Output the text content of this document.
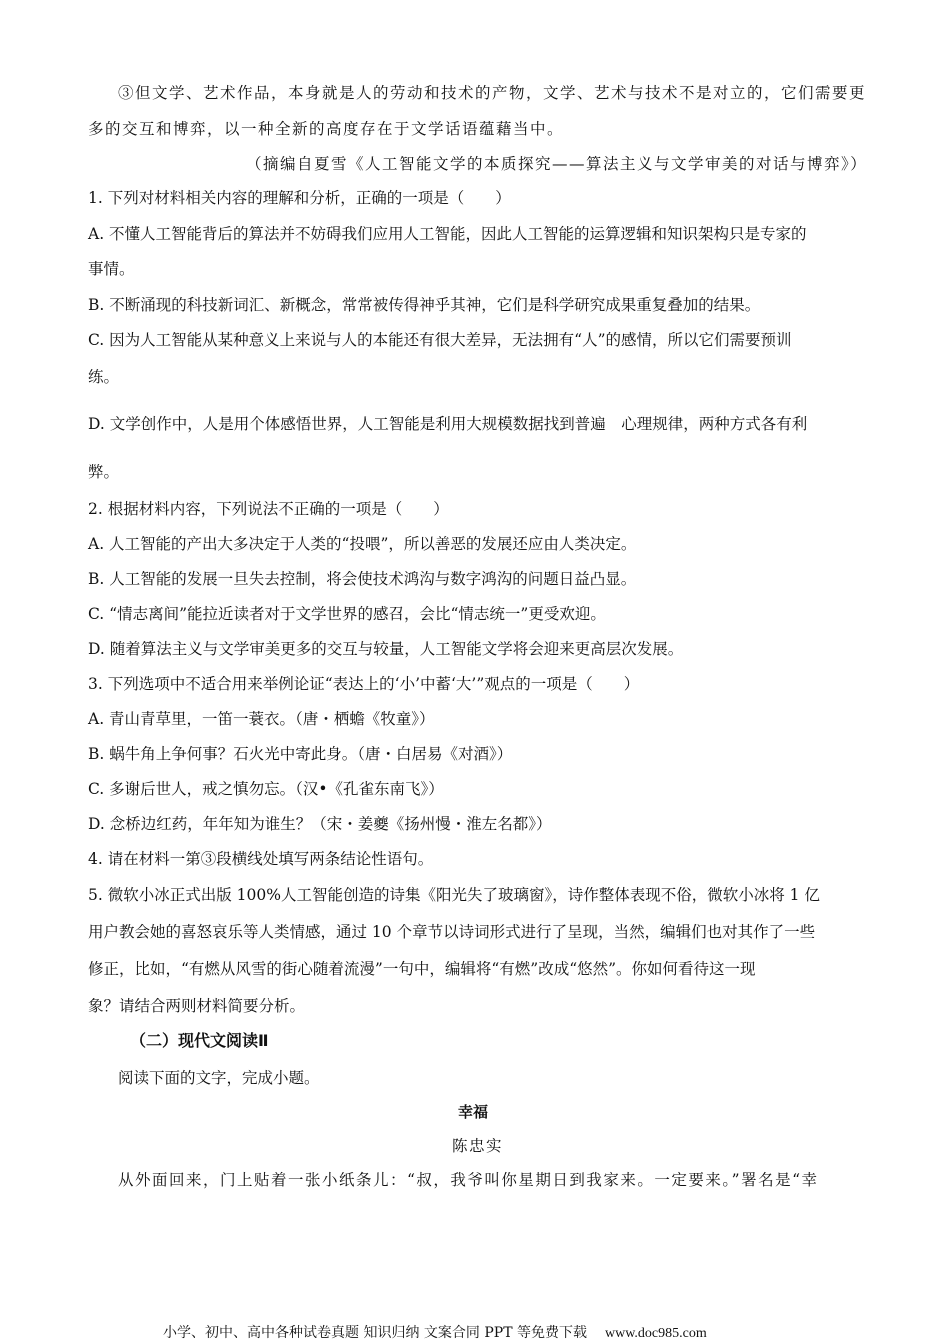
③但文学、艺术作品，本身就是人的劳动和技术的产物，文学、艺术与技术不是对立的，它们需要更
多的交互和博弈，以一种全新的高度存在于文学话语蕴藉当中。
（摘编自夏雪《人工智能文学的本质探究——算法主义与文学审美的对话与博弈》）
1. 下列对材料相关内容的理解和分析，正确的一项是（　　）
A. 不懂人工智能背后的算法并不妨碍我们应用人工智能，因此人工智能的运算逻辑和知识架构只是专家的
事情。
B. 不断涌现的科技新词汇、新概念，常常被传得神乎其神，它们是科学研究成果重复叠加的结果。
C. 因为人工智能从某种意义上来说与人的本能还有很大差异，无法拥有“人”的感情，所以它们需要预训
练。
D. 文学创作中，人是用个体感悟世界，人工智能是利用大规模数据找到普遍　心理规律，两种方式各有利
弊。
2. 根据材料内容，下列说法不正确的一项是（　　）
A. 人工智能的产出大多决定于人类的“投喂”，所以善恶的发展还应由人类决定。
B. 人工智能的发展一旦失去控制，将会使技术鸿沟与数字鸿沟的问题日益凸显。
C. “情志离间”能拉近读者对于文学世界的感召，会比“情志统一”更受欢迎。
D. 随着算法主义与文学审美更多的交互与较量，人工智能文学将会迎来更高层次发展。
3. 下列选项中不适合用来举例论证“表达上的‘小’中蓄‘大’”观点的一项是（　　）
A. 青山青草里，一笛一蓑衣。（唐・栖蟾《牧童》）
B. 蜗牛角上争何事？石火光中寄此身。（唐・白居易《对酒》）
C. 多谢后世人，戒之慎勿忘。（汉•《孔雀东南飞》）
D. 念桥边红药，年年知为谁生？（宋・姜夔《扬州慢・淮左名都》）
4. 请在材料一第③段横线处填写两条结论性语句。
5. 微软小冰正式出版 100%人工智能创造的诗集《阳光失了玻璃窗》，诗作整体表现不俗，微软小冰将 1 亿
用户教会她的喜怒哀乐等人类情感，通过 10 个章节以诗词形式进行了呈现，当然，编辑们也对其作了一些
修正，比如，“有燃从风雪的街心随着流漫”一句中，编辑将“有燃”改成“悠然”。你如何看待这一现
象？请结合两则材料简要分析。
（二）现代文阅读Ⅱ
阅读下面的文字，完成小题。
幸福
陈忠实
从外面回来，门上贴着一张小纸条儿：“叔，我爷叫你星期日到我家来。一定要来。”署名是“幸
小学、初中、高中各种试卷真题 知识归纳 文案合同 PPT 等免费下载 www.doc985.com
